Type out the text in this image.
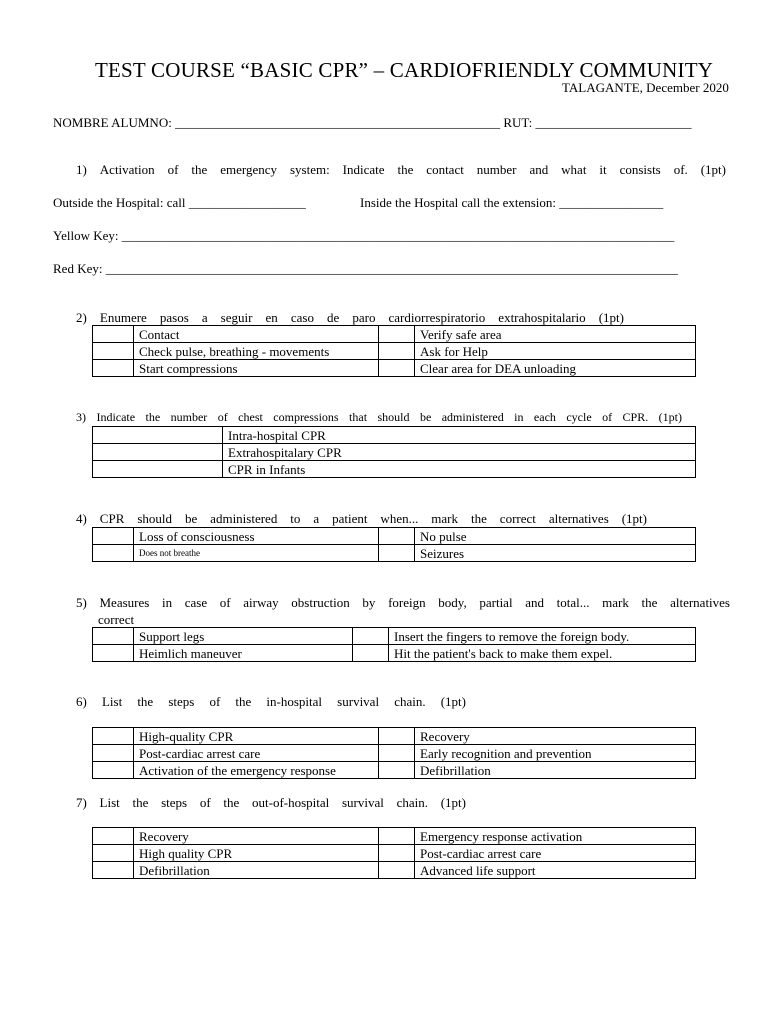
TEST COURSE “BASIC CPR” – CARDIOFRIENDLY COMMUNITY
TALAGANTE, December 2020
NOMBRE ALUMNO: __________________________________________________ RUT: ________________________
1) Activation of the emergency system: Indicate the contact number and what it consists of. (1pt)
Outside the Hospital: call __________________	Inside the Hospital call the extension: ________________
Yellow Key: _____________________________________________________________________________________
Red Key: ________________________________________________________________________________________
2) Enumere pasos a seguir en caso de paro cardiorrespiratorio extrahospitalario (1pt)
	Contact		Verify safe area
	Check pulse, breathing - movements		Ask for Help
	Start compressions		Clear area for DEA unloading
3) Indicate the number of chest compressions that should be administered in each cycle of CPR. (1pt)
	Intra-hospital CPR
	Extrahospitalary CPR
	CPR in Infants
4) CPR should be administered to a patient when... mark the correct alternatives (1pt)
	Loss of consciousness		No pulse
	Does not breathe		Seizures
5) Measures in case of airway obstruction by foreign body, partial and total... mark the alternatives
correct
	Support legs		Insert the fingers to remove the foreign body.
	Heimlich maneuver		Hit the patient's back to make them expel.
6) List the steps of the in-hospital survival chain. (1pt)
	High-quality CPR		Recovery
	Post-cardiac arrest care		Early recognition and prevention
	Activation of the emergency response		Defibrillation
7) List the steps of the out-of-hospital survival chain. (1pt)
	Recovery		Emergency response activation
	High quality CPR		Post-cardiac arrest care
	Defibrillation		Advanced life support
